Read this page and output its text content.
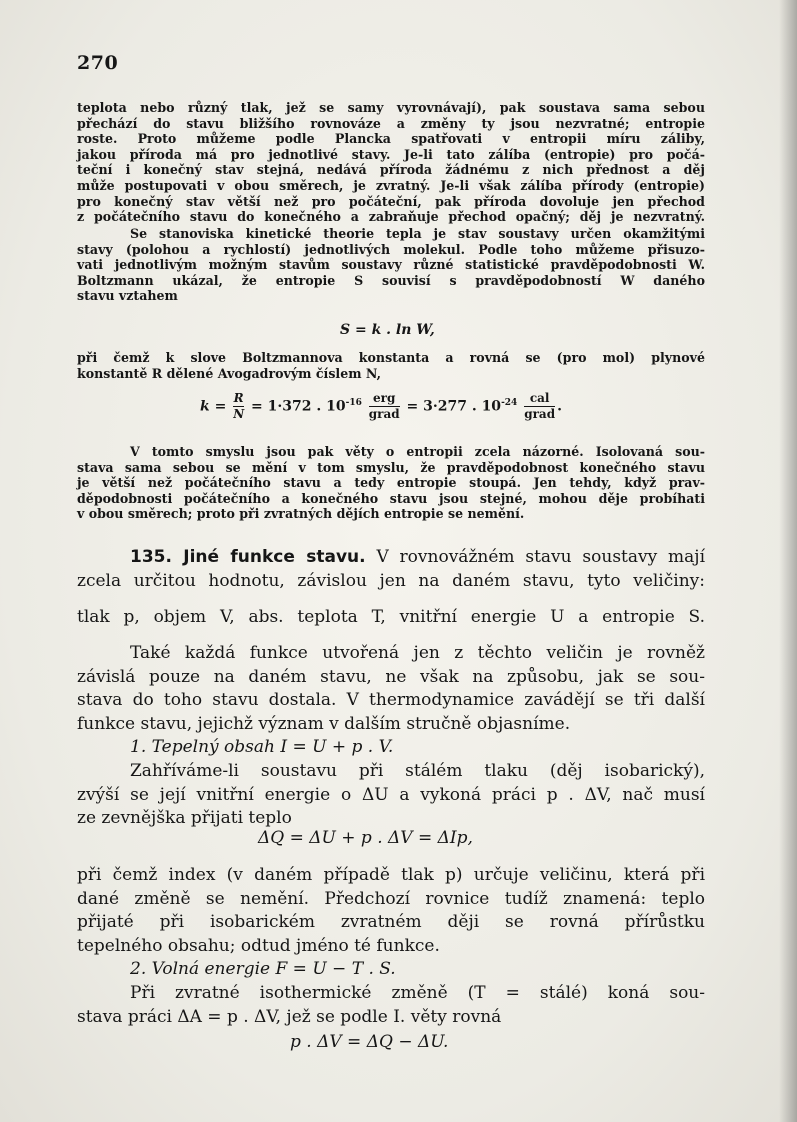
270
teplota nebo různý tlak, jež se samy vyrovnávají), pak soustava sama sebou
přechází do stavu bližšího rovnováze a změny ty jsou nezvratné; entropie
roste. Proto můžeme podle Plancka spatřovati v entropii míru záliby,
jakou příroda má pro jednotlivé stavy. Je-li tato zálíba (entropie) pro počá-
teční i konečný stav stejná, nedává příroda žádnému z nich přednost a děj
může postupovati v obou směrech, je zvratný. Je-li však zálíba přírody (entropie)
pro konečný stav větší než pro počáteční, pak příroda dovoluje jen přechod
z počátečního stavu do konečného a zabraňuje přechod opačný; děj je nezvratný.
Se stanoviska kinetické theorie tepla je stav soustavy určen okamžitými
stavy (polohou a rychlostí) jednotlivých molekul. Podle toho můžeme přisuzo-
vati jednotlivým možným stavům soustavy různé statistické pravděpodobnosti W.
Boltzmann ukázal, že entropie S souvisí s pravděpodobností W daného
stavu vztahem
S = k . ln W,
při čemž k slove Boltzmannova konstanta a rovná se (pro mol) plynové
konstantě R dělené Avogadrovým číslem N,
$k = \frac{R}{N} = 1\cdot 372$ . $10^{-16} \frac{\text{erg}}{\text{grad}} = 3\cdot 277$ . $10^{-24} \frac{\text{cal}}{\text{grad}}$ .
V tomto smyslu jsou pak věty o entropii zcela názorné. Isolovaná sou-
stava sama sebou se mění v tom smyslu, že pravděpodobnost konečného stavu
je větší než počátečního stavu a tedy entropie stoupá. Jen tehdy, když prav-
děpodobnosti počátečního a konečného stavu jsou stejné, mohou děje probíhati
v obou směrech; proto při zvratných dějích entropie se nemění.
135. Jiné funkce stavu. V rovnovážném stavu soustavy mají
zcela určitou hodnotu, závislou jen na daném stavu, tyto veličiny:
tlak p, objem V, abs. teplota T, vnitřní energie U a entropie S.
Také každá funkce utvořená jen z těchto veličin je rovněž
závislá pouze na daném stavu, ne však na způsobu, jak se sou-
stava do toho stavu dostala. V thermodynamice zavádějí se tři další
funkce stavu, jejichž význam v dalším stručně objasníme.
1. Tepelný obsah I = U + p . V.
Zahříváme-li soustavu při stálém tlaku (děj isobarický),
zvýší se její vnitřní energie o ΔU a vykoná práci p . ΔV, nač musí
ze zevnějška přijati teplo
ΔQ = ΔU + p . ΔV = ΔIp,
při čemž index (v daném případě tlak p) určuje veličinu, která při
dané změně se nemění. Předchozí rovnice tudíž znamená: teplo
přijaté při isobarickém zvratném ději se rovná přírůstku
tepelného obsahu; odtud jméno té funkce.
2. Volná energie F = U − T . S.
Při zvratné isothermické změně (T = stálé) koná sou-
stava práci ΔA = p . ΔV, jež se podle I. věty rovná
p . ΔV = ΔQ − ΔU.
